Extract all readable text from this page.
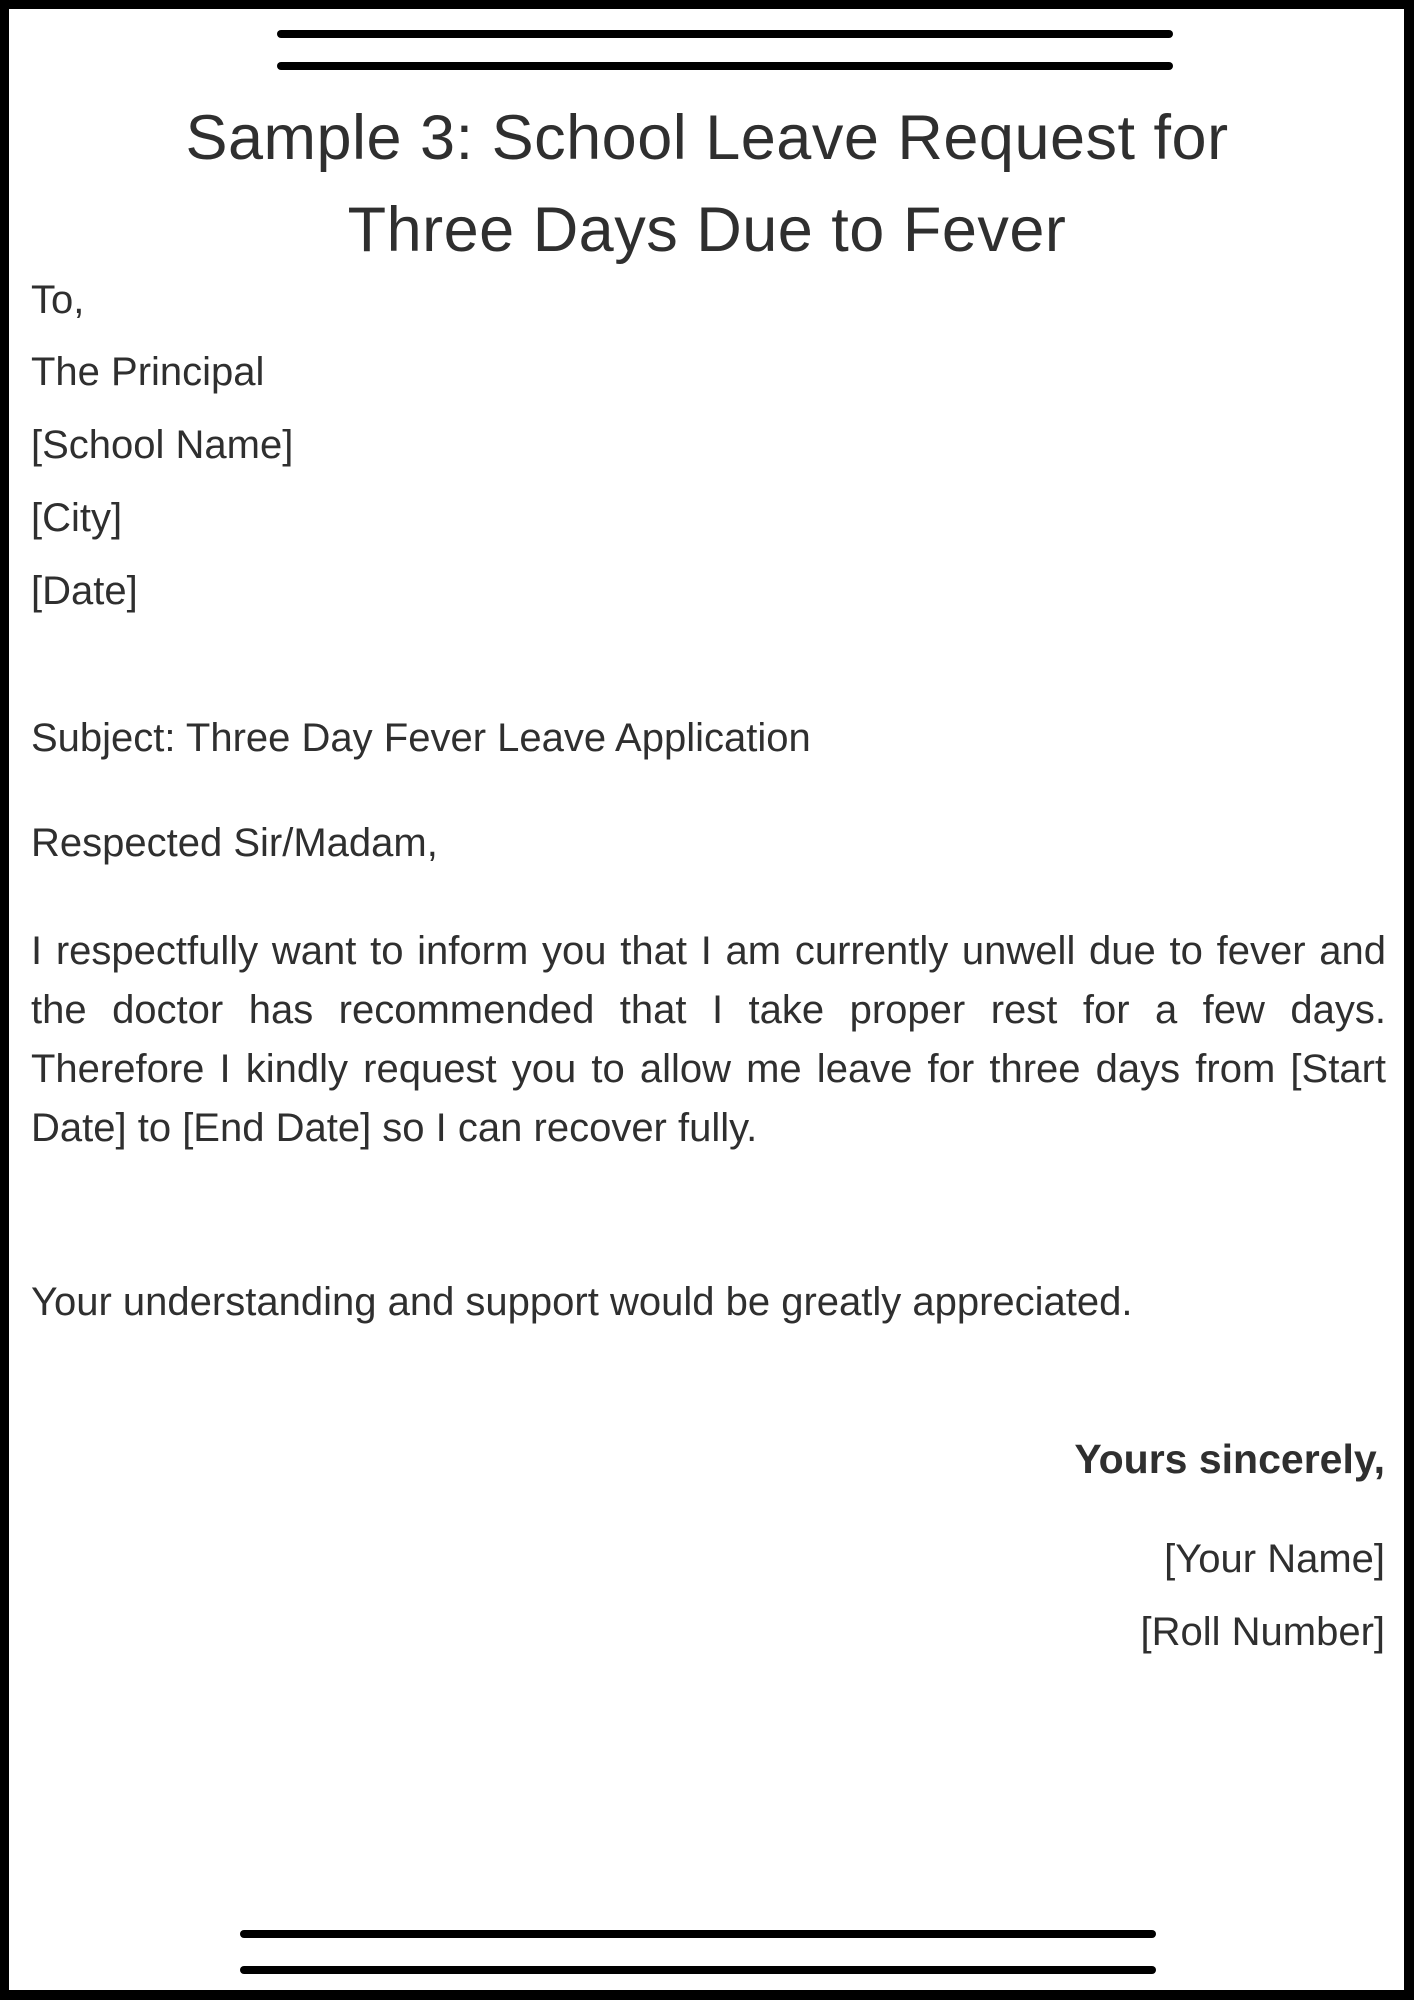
Sample 3: School Leave Request for
Three Days Due to Fever
To,
The Principal
[School Name]
[City]
[Date]
Subject: Three Day Fever Leave Application
Respected Sir/Madam,
I respectfully want to inform you that I am currently unwell due to fever and the doctor has recommended that I take proper rest for a few days. Therefore I kindly request you to allow me leave for three days from [Start Date] to [End Date] so I can recover fully.
Your understanding and support would be greatly appreciated.
Yours sincerely,
[Your Name]
[Roll Number]
